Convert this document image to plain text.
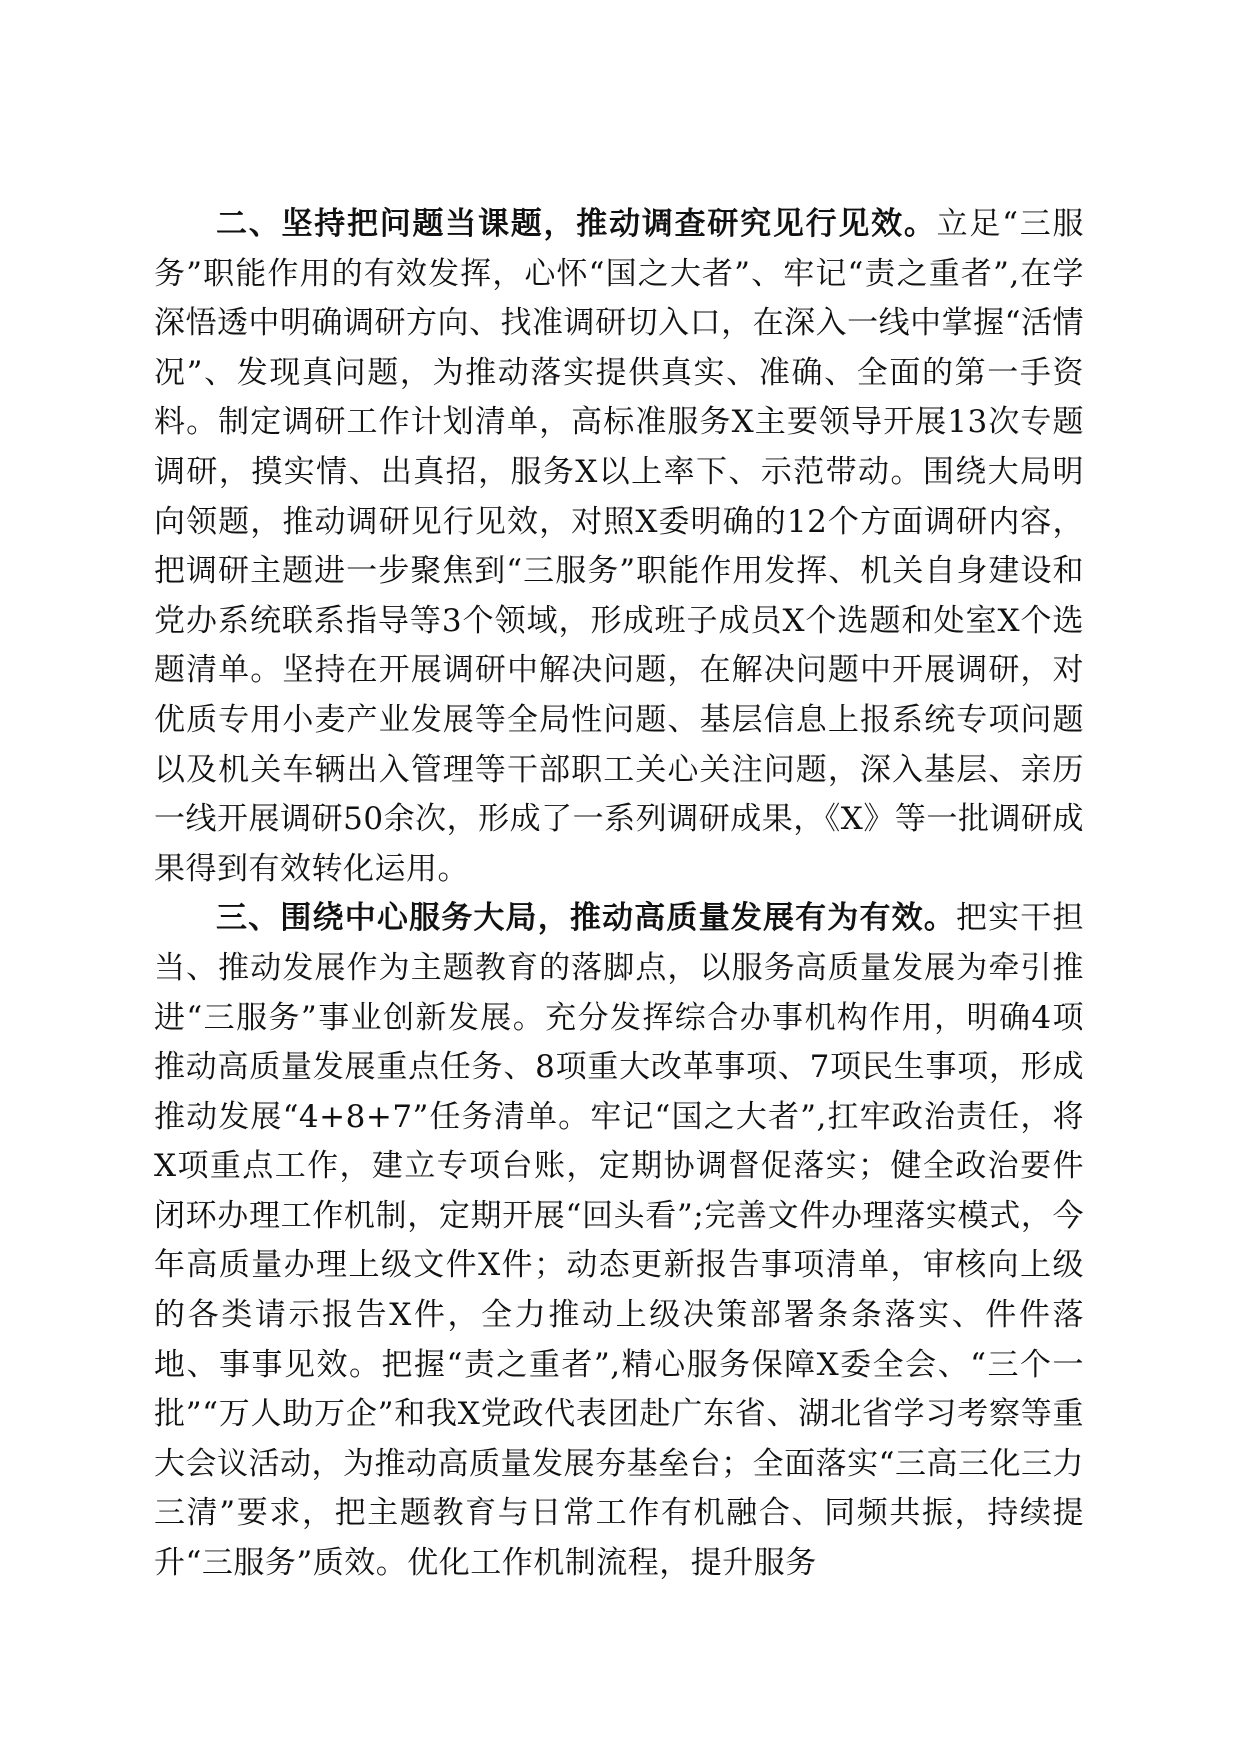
二、坚持把问题当课题，推动调查研究见行见效。立足“三服务”职能作用的有效发挥，心怀“国之大者”、牢记“责之重者”,在学深悟透中明确调研方向、找准调研切入口，在深入一线中掌握“活情况”、发现真问题，为推动落实提供真实、准确、全面的第一手资料。制定调研工作计划清单，高标准服务X主要领导开展13次专题调研，摸实情、出真招，服务X以上率下、示范带动。围绕大局明向领题，推动调研见行见效，对照X委明确的12个方面调研内容，把调研主题进一步聚焦到“三服务”职能作用发挥、机关自身建设和党办系统联系指导等3个领域，形成班子成员X个选题和处室X个选题清单。坚持在开展调研中解决问题，在解决问题中开展调研，对优质专用小麦产业发展等全局性问题、基层信息上报系统专项问题以及机关车辆出入管理等干部职工关心关注问题，深入基层、亲历一线开展调研50余次，形成了一系列调研成果，《X》等一批调研成果得到有效转化运用。

三、围绕中心服务大局，推动高质量发展有为有效。把实干担当、推动发展作为主题教育的落脚点，以服务高质量发展为牵引推进“三服务”事业创新发展。充分发挥综合办事机构作用，明确4项推动高质量发展重点任务、8项重大改革事项、7项民生事项，形成推动发展“4+8+7”任务清单。牢记“国之大者”,扛牢政治责任，将X项重点工作，建立专项台账，定期协调督促落实；健全政治要件闭环办理工作机制，定期开展“回头看”;完善文件办理落实模式，今年高质量办理上级文件X件；动态更新报告事项清单，审核向上级的各类请示报告X件，全力推动上级决策部署条条落实、件件落地、事事见效。把握“责之重者”,精心服务保障X委全会、“三个一批”“万人助万企”和我X党政代表团赴广东省、湖北省学习考察等重大会议活动，为推动高质量发展夯基垒台；全面落实“三高三化三力三清”要求，把主题教育与日常工作有机融合、同频共振，持续提升“三服务”质效。优化工作机制流程，提升服务
